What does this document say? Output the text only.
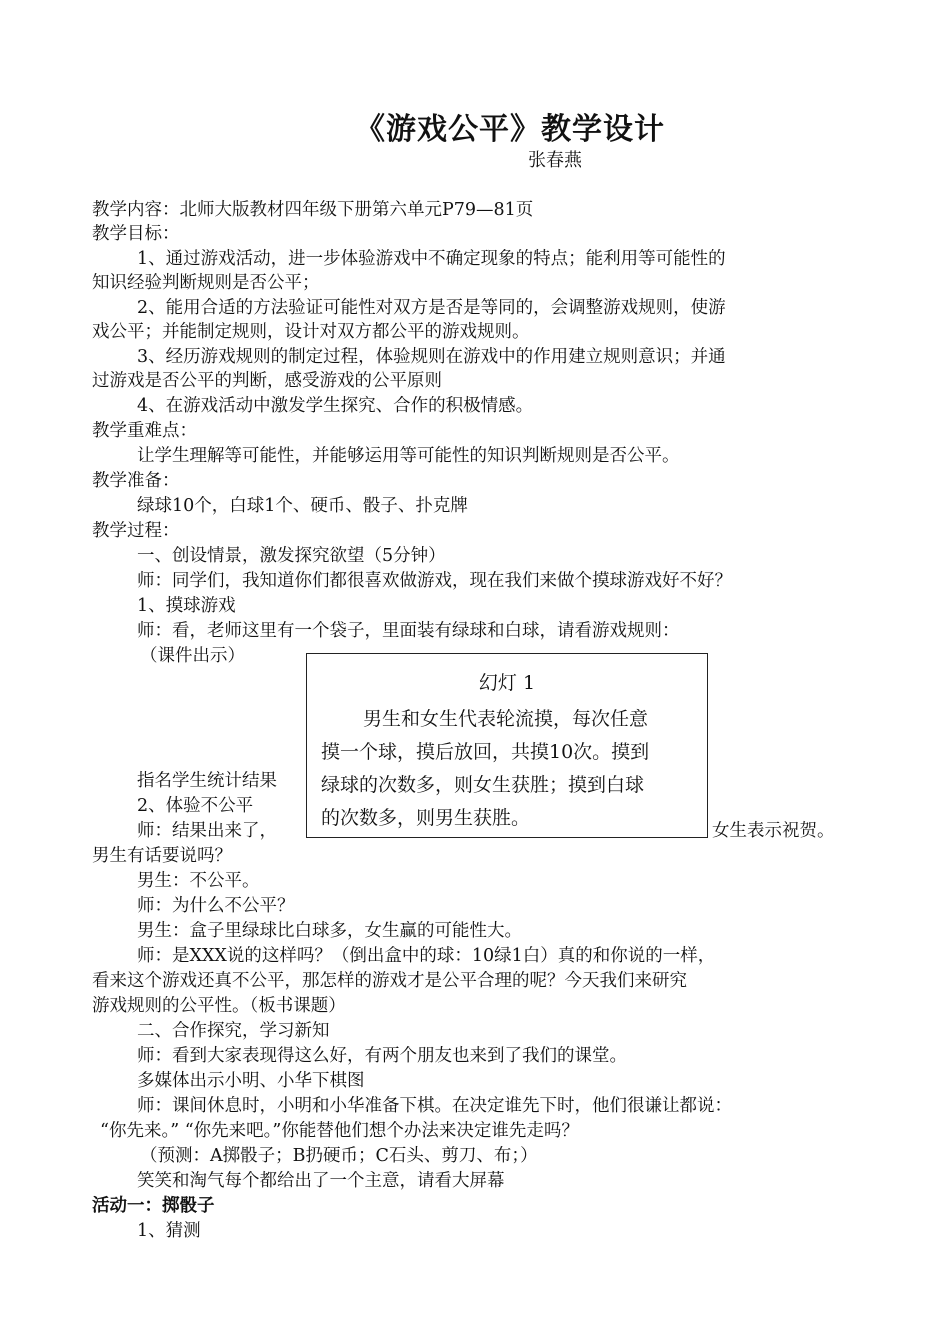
《游戏公平》教学设计
张春燕
教学内容：北师大版教材四年级下册第六单元P79—81页
教学目标：
1、通过游戏活动，进一步体验游戏中不确定现象的特点；能利用等可能性的
知识经验判断规则是否公平；
2、能用合适的方法验证可能性对双方是否是等同的，会调整游戏规则，使游
戏公平；并能制定规则，设计对双方都公平的游戏规则。
3、经历游戏规则的制定过程，体验规则在游戏中的作用建立规则意识；并通
过游戏是否公平的判断，感受游戏的公平原则
4、在游戏活动中激发学生探究、合作的积极情感。
教学重难点：
让学生理解等可能性，并能够运用等可能性的知识判断规则是否公平。
教学准备：
绿球10个，白球1个、硬币、骰子、扑克牌
教学过程：
一、创设情景，激发探究欲望（5分钟）
师：同学们，我知道你们都很喜欢做游戏，现在我们来做个摸球游戏好不好？
1、摸球游戏
师：看，老师这里有一个袋子，里面装有绿球和白球，请看游戏规则：
（课件出示）
指名学生统计结果
2、体验不公平
师：结果出来了，	女生表示祝贺。
男生有话要说吗？
男生：不公平。
师：为什么不公平？
男生：盒子里绿球比白球多，女生赢的可能性大。
师：是XXX说的这样吗？（倒出盒中的球：10绿1白）真的和你说的一样，
看来这个游戏还真不公平，那怎样的游戏才是公平合理的呢？今天我们来研究
游戏规则的公平性。（板书课题）
二、合作探究，学习新知
师：看到大家表现得这么好，有两个朋友也来到了我们的课堂。
多媒体出示小明、小华下棋图
师：课间休息时，小明和小华准备下棋。在决定谁先下时，他们很谦让都说：
“你先来。” “你先来吧。”你能替他们想个办法来决定谁先走吗？
（预测：A掷骰子；B扔硬币；C石头、剪刀、布；）
笑笑和淘气每个都给出了一个主意，请看大屏幕
活动一：掷骰子
1、猜测
幻灯 1
男生和女生代表轮流摸，每次任意
摸一个球，摸后放回，共摸10次。摸到
绿球的次数多，则女生获胜；摸到白球
的次数多，则男生获胜。
